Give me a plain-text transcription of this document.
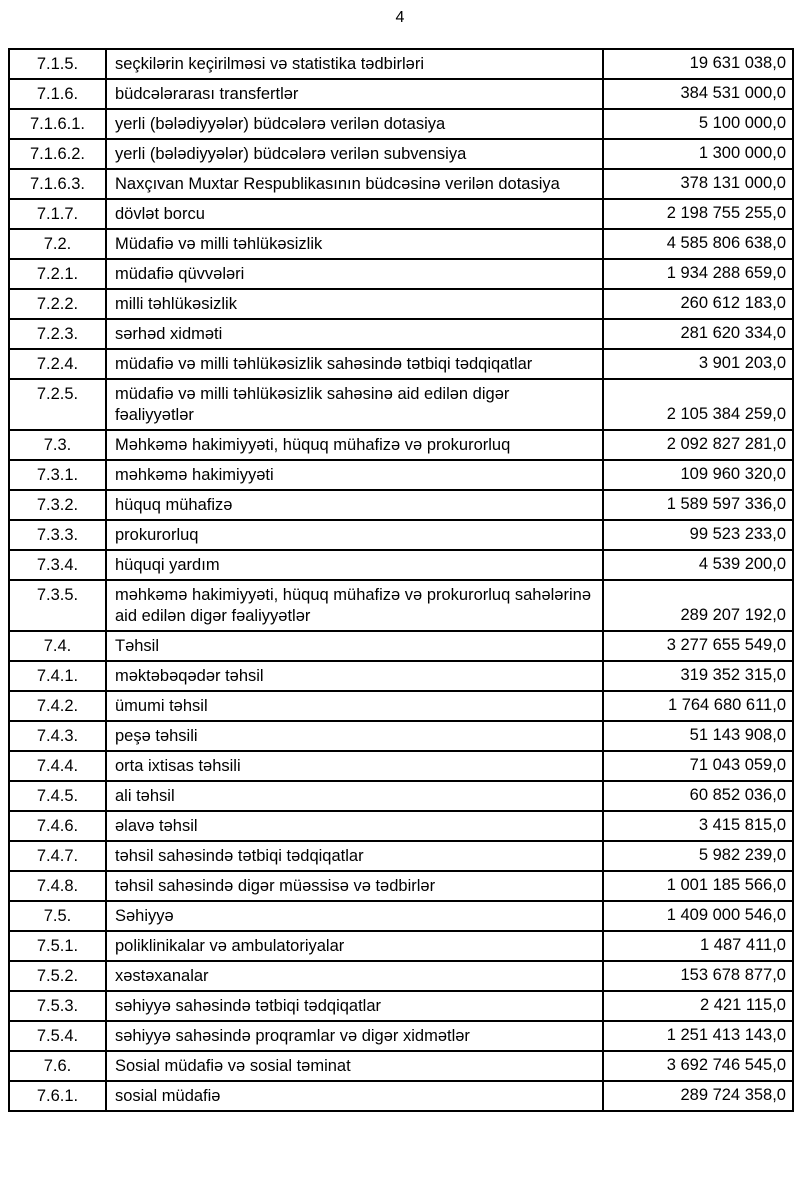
4
7.1.5.	seçkilərin keçirilməsi və statistika tədbirləri	19 631 038,0
7.1.6.	büdcələrarası transfertlər	384 531 000,0
7.1.6.1.	yerli (bələdiyyələr) büdcələrə verilən dotasiya	5 100 000,0
7.1.6.2.	yerli (bələdiyyələr) büdcələrə verilən subvensiya	1 300 000,0
7.1.6.3.	Naxçıvan Muxtar Respublikasının büdcəsinə verilən dotasiya	378 131 000,0
7.1.7.	dövlət borcu	2 198 755 255,0
7.2.	Müdafiə və milli təhlükəsizlik	4 585 806 638,0
7.2.1.	müdafiə qüvvələri	1 934 288 659,0
7.2.2.	milli təhlükəsizlik	260 612 183,0
7.2.3.	sərhəd xidməti	281 620 334,0
7.2.4.	müdafiə və milli təhlükəsizlik sahəsində tətbiqi tədqiqatlar	3 901 203,0
7.2.5.	müdafiə və milli təhlükəsizlik sahəsinə aid edilən digər fəaliyyətlər	2 105 384 259,0
7.3.	Məhkəmə hakimiyyəti, hüquq mühafizə və prokurorluq	2 092 827 281,0
7.3.1.	məhkəmə hakimiyyəti	109 960 320,0
7.3.2.	hüquq mühafizə	1 589 597 336,0
7.3.3.	prokurorluq	99 523 233,0
7.3.4.	hüquqi yardım	4 539 200,0
7.3.5.	məhkəmə hakimiyyəti, hüquq mühafizə və prokurorluq sahələrinə aid edilən digər fəaliyyətlər	289 207 192,0
7.4.	Təhsil	3 277 655 549,0
7.4.1.	məktəbəqədər təhsil	319 352 315,0
7.4.2.	ümumi təhsil	1 764 680 611,0
7.4.3.	peşə təhsili	51 143 908,0
7.4.4.	orta ixtisas təhsili	71 043 059,0
7.4.5.	ali təhsil	60 852 036,0
7.4.6.	əlavə təhsil	3 415 815,0
7.4.7.	təhsil sahəsində tətbiqi tədqiqatlar	5 982 239,0
7.4.8.	təhsil sahəsində digər müəssisə və tədbirlər	1 001 185 566,0
7.5.	Səhiyyə	1 409 000 546,0
7.5.1.	poliklinikalar və ambulatoriyalar	1 487 411,0
7.5.2.	xəstəxanalar	153 678 877,0
7.5.3.	səhiyyə sahəsində tətbiqi tədqiqatlar	2 421 115,0
7.5.4.	səhiyyə sahəsində proqramlar və digər xidmətlər	1 251 413 143,0
7.6.	Sosial müdafiə və sosial təminat	3 692 746 545,0
7.6.1.	sosial müdafiə	289 724 358,0
